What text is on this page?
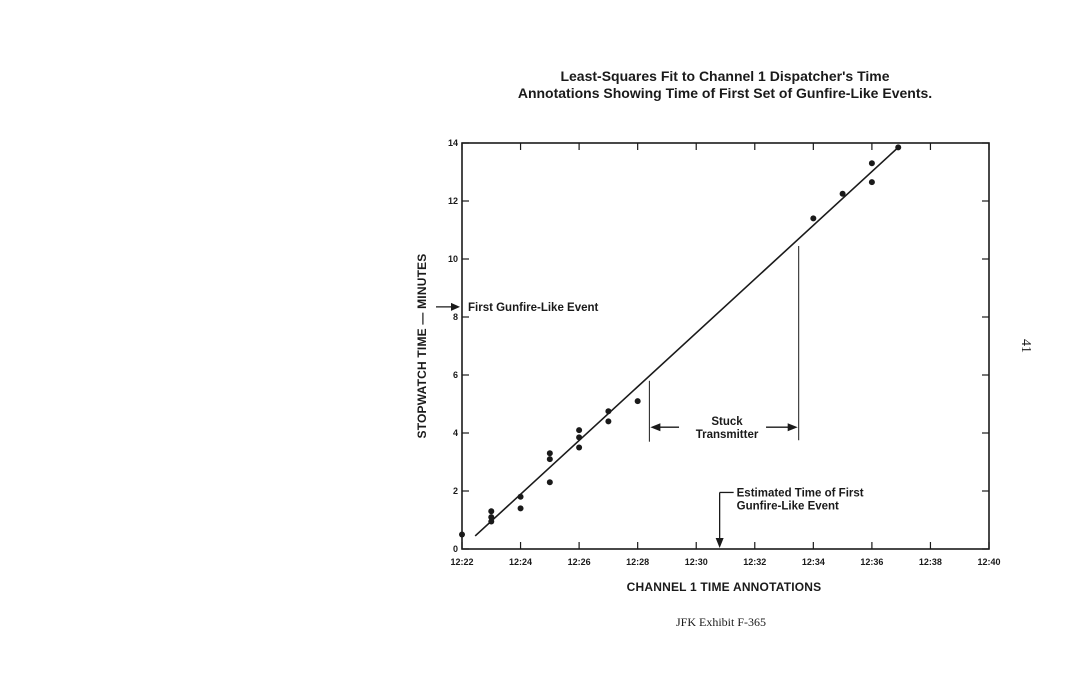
Least-Squares Fit to Channel 1 Dispatcher's Time
Annotations Showing Time of First Set of Gunfire-Like Events.
12:22	12:24	12:26	12:28	12:30	12:32	12:34	12:36	12:38	12:40
0
2
4
6
8
10
12
14
CHANNEL 1 TIME ANNOTATIONS
STOPWATCH TIME — MINUTES	First Gunfire-Like Event
Stuck
Transmitter
Estimated Time of First
Gunfire-Like Event
JFK Exhibit F-365
41
